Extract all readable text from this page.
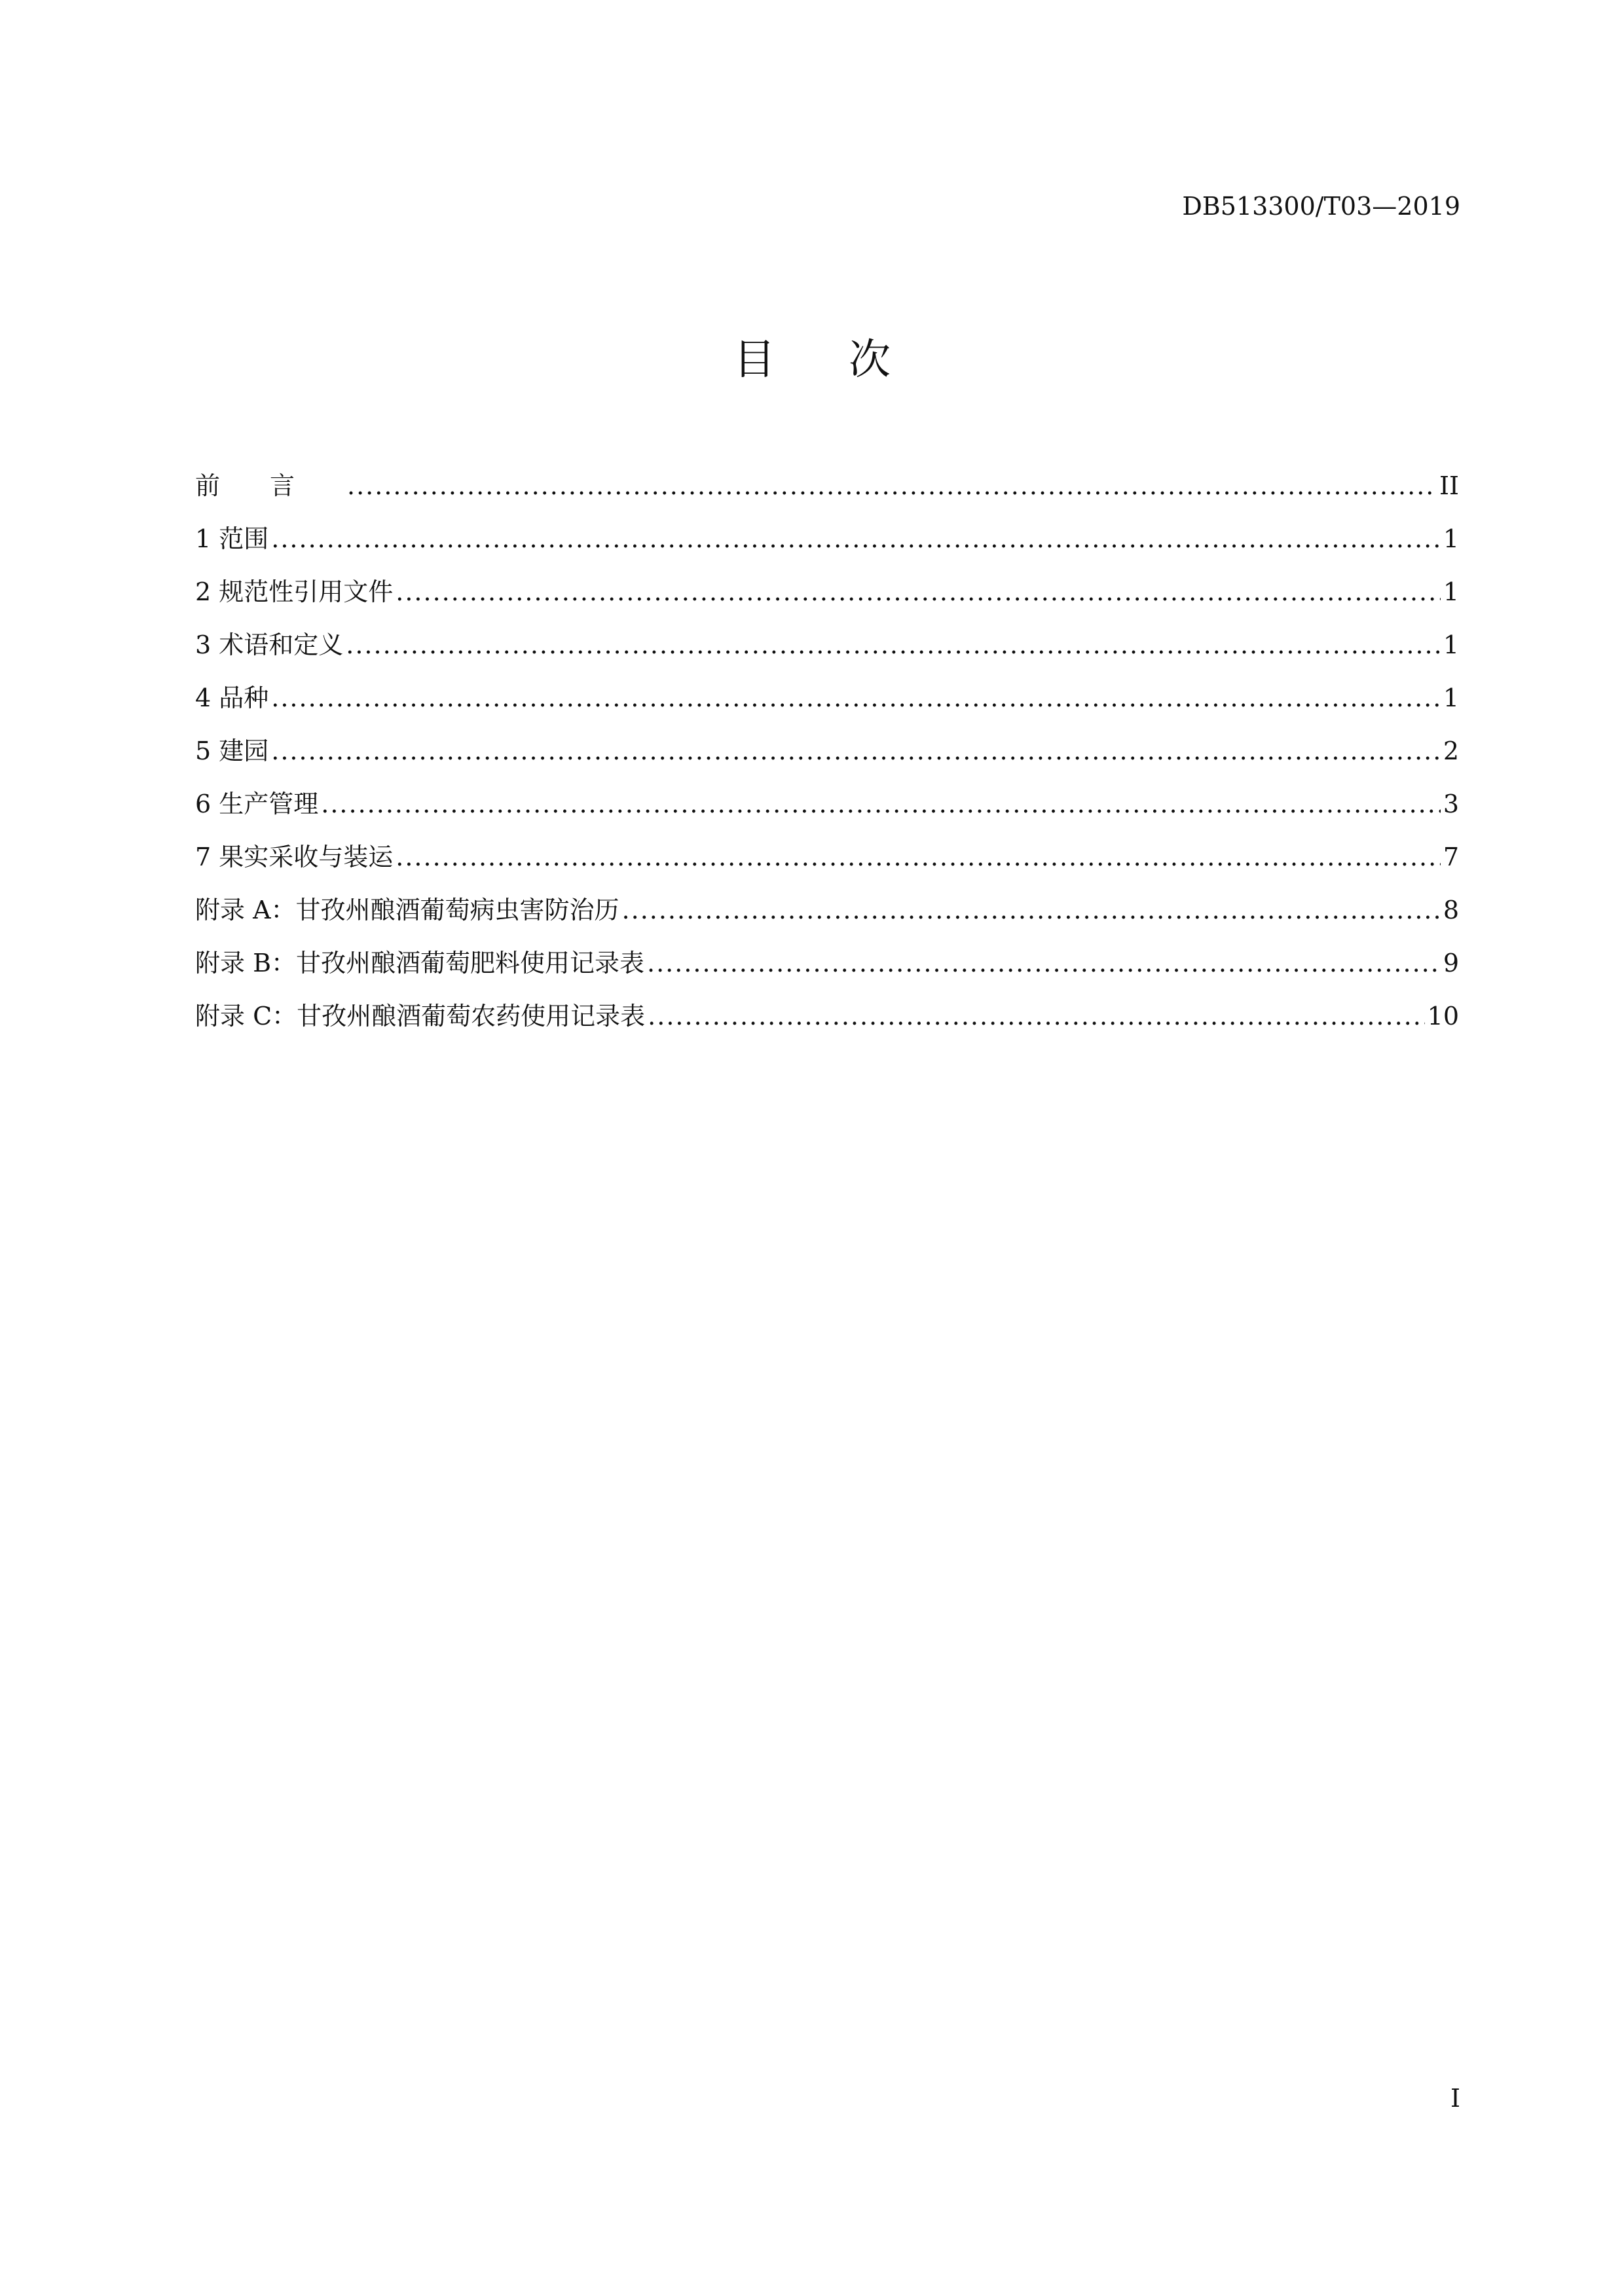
DB513300/T03—2019
目次
前言 .....	II
1 范围 .....	1
2 规范性引用文件 .....	1
3 术语和定义 .....	1
4 品种 .....	1
5 建园 .....	2
6 生产管理 .....	3
7 果实采收与装运 .....	7
附录 A：甘孜州酿酒葡萄病虫害防治历 .....	8
附录 B：甘孜州酿酒葡萄肥料使用记录表 .....	9
附录 C：甘孜州酿酒葡萄农药使用记录表 .....	10
I
